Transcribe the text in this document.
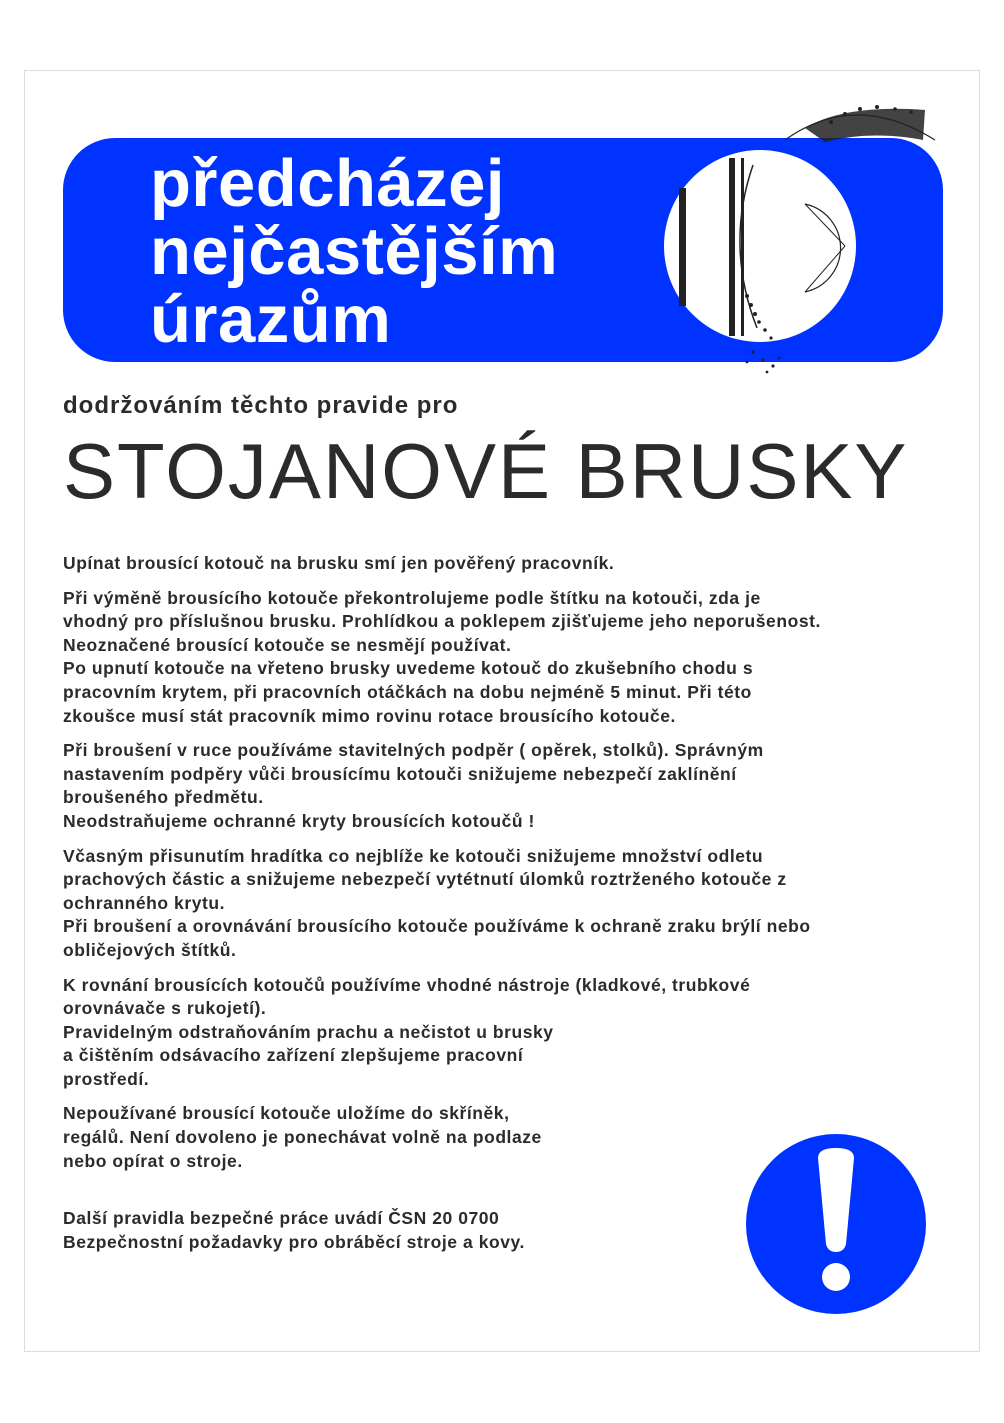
předcházej
nejčastějším
úrazům
dodržováním těchto pravide pro
STOJANOVÉ BRUSKY

Upínat brousící kotouč na brusku smí jen pověřený pracovník.

Při výměně brousícího kotouče překontrolujeme podle štítku na kotouči, zda je

vhodný pro příslušnou brusku. Prohlídkou a poklepem zjišťujeme jeho neporušenost.

Neoznačené brousící kotouče se nesmějí používat.

Po upnutí kotouče na vřeteno brusky uvedeme kotouč do zkušebního chodu s

pracovním krytem, při pracovních otáčkách na dobu nejméně 5 minut. Při této

zkoušce musí stát pracovník mimo rovinu rotace brousícího kotouče.

Při broušení v ruce používáme stavitelných podpěr ( opěrek, stolků). Správným

nastavením podpěry vůči brousícímu kotouči snižujeme nebezpečí zaklínění

broušeného předmětu.

Neodstraňujeme ochranné kryty brousících kotoučů !

Včasným přisunutím hradítka co nejblíže ke kotouči snižujeme množství odletu

prachových částic a snižujeme nebezpečí vytétnutí úlomků roztrženého kotouče z

ochranného krytu.

Při broušení a orovnávání brousícího kotouče používáme k ochraně zraku brýlí nebo

obličejových štítků.

K rovnání brousících kotoučů používíme vhodné nástroje (kladkové, trubkové

orovnávače s rukojetí).

Pravidelným odstraňováním prachu a nečistot u brusky

a čištěním odsávacího zařízení zlepšujeme pracovní

prostředí.

Nepoužívané brousící kotouče uložíme do skříněk,

regálů. Není dovoleno je ponechávat volně na podlaze

nebo opírat o stroje.

Další pravidla bezpečné práce uvádí ČSN 20 0700

Bezpečnostní požadavky pro obráběcí stroje a kovy.
